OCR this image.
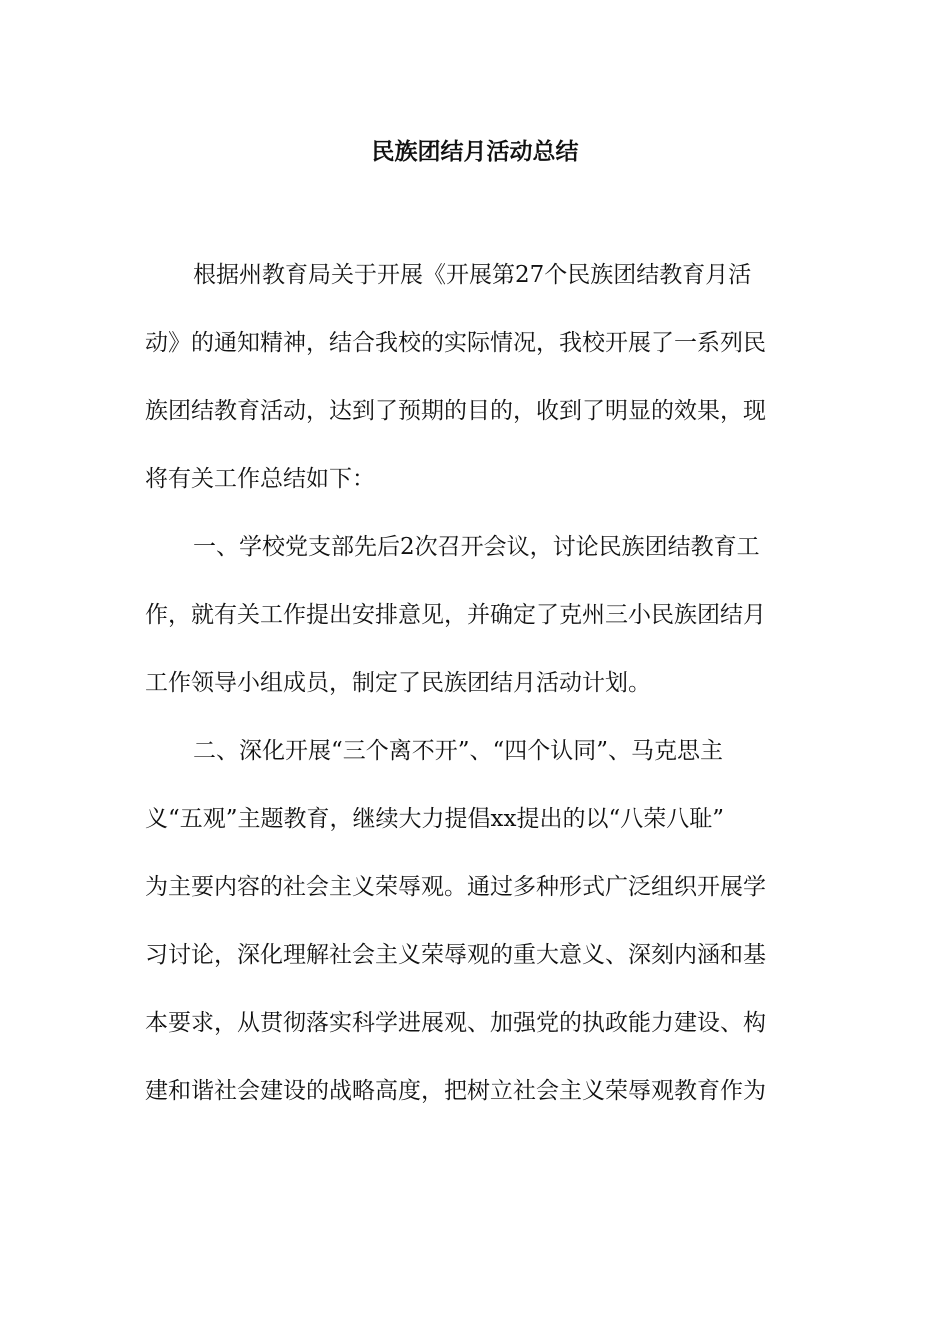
民族团结月活动总结
根据州教育局关于开展《开展第27个民族团结教育月活
动》的通知精神，结合我校的实际情况，我校开展了一系列民
族团结教育活动，达到了预期的目的，收到了明显的效果，现
将有关工作总结如下：
一、学校党支部先后2次召开会议，讨论民族团结教育工
作，就有关工作提出安排意见，并确定了克州三小民族团结月
工作领导小组成员，制定了民族团结月活动计划。
二、深化开展“三个离不开”、“四个认同”、马克思主
义“五观”主题教育，继续大力提倡xx提出的以“八荣八耻”
为主要内容的社会主义荣辱观。通过多种形式广泛组织开展学
习讨论，深化理解社会主义荣辱观的重大意义、深刻内涵和基
本要求，从贯彻落实科学进展观、加强党的执政能力建设、构
建和谐社会建设的战略高度，把树立社会主义荣辱观教育作为
